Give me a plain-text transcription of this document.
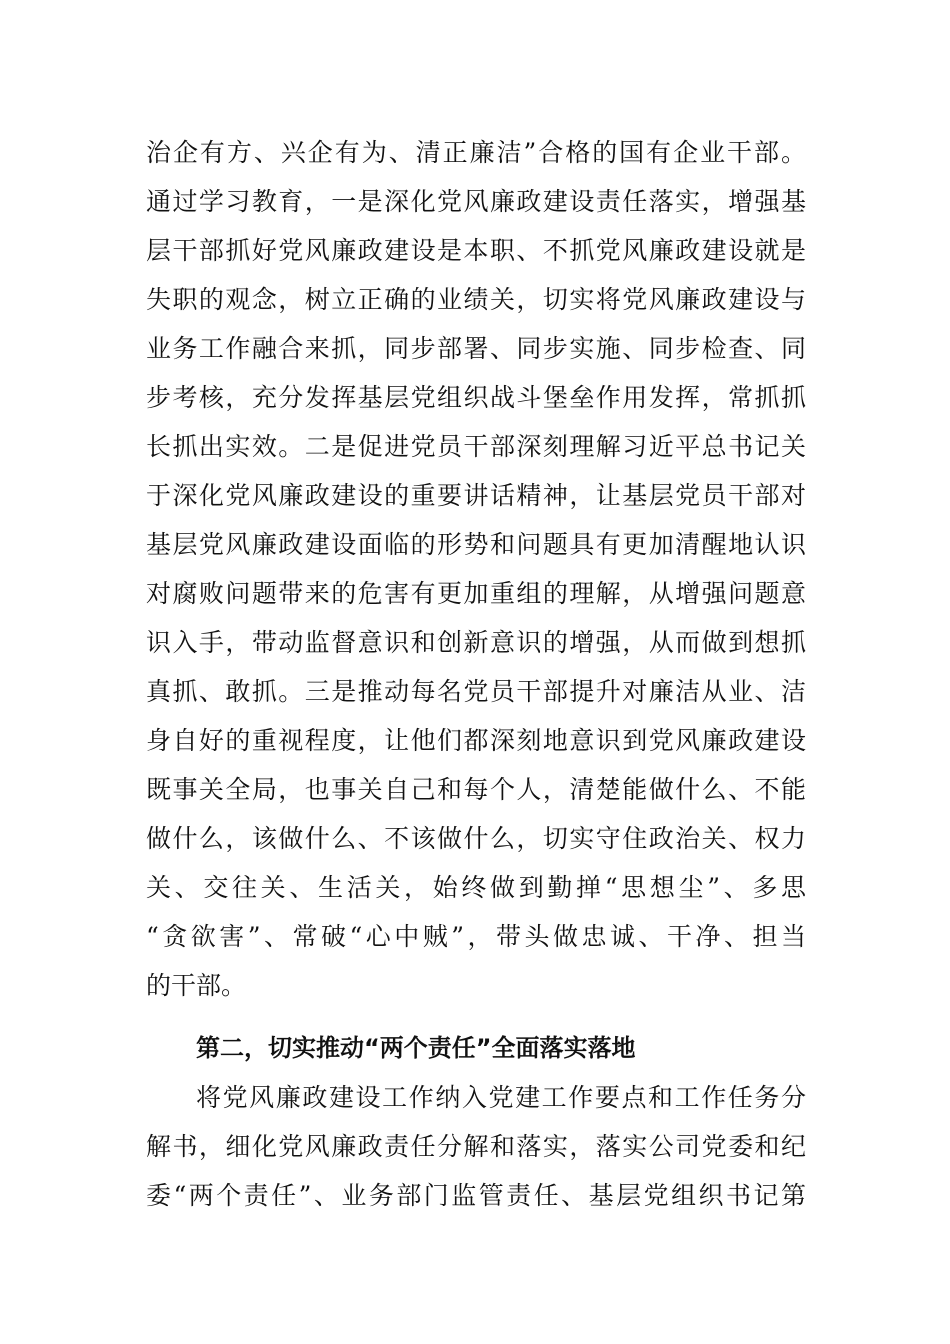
治企有方、兴企有为、清正廉洁”合格的国有企业干部。
通过学习教育，一是深化党风廉政建设责任落实，增强基
层干部抓好党风廉政建设是本职、不抓党风廉政建设就是
失职的观念，树立正确的业绩关，切实将党风廉政建设与
业务工作融合来抓，同步部署、同步实施、同步检查、同
步考核，充分发挥基层党组织战斗堡垒作用发挥，常抓抓
长抓出实效。二是促进党员干部深刻理解习近平总书记关
于深化党风廉政建设的重要讲话精神，让基层党员干部对
基层党风廉政建设面临的形势和问题具有更加清醒地认识
对腐败问题带来的危害有更加重组的理解，从增强问题意
识入手，带动监督意识和创新意识的增强，从而做到想抓
真抓、敢抓。三是推动每名党员干部提升对廉洁从业、洁
身自好的重视程度，让他们都深刻地意识到党风廉政建设
既事关全局，也事关自己和每个人，清楚能做什么、不能
做什么，该做什么、不该做什么，切实守住政治关、权力
关、交往关、生活关，始终做到勤掸“思想尘”、多思
“贪欲害”、常破“心中贼”，带头做忠诚、干净、担当
的干部。
第二，切实推动“两个责任”全面落实落地
将党风廉政建设工作纳入党建工作要点和工作任务分
解书，细化党风廉政责任分解和落实，落实公司党委和纪
委“两个责任”、业务部门监管责任、基层党组织书记第
